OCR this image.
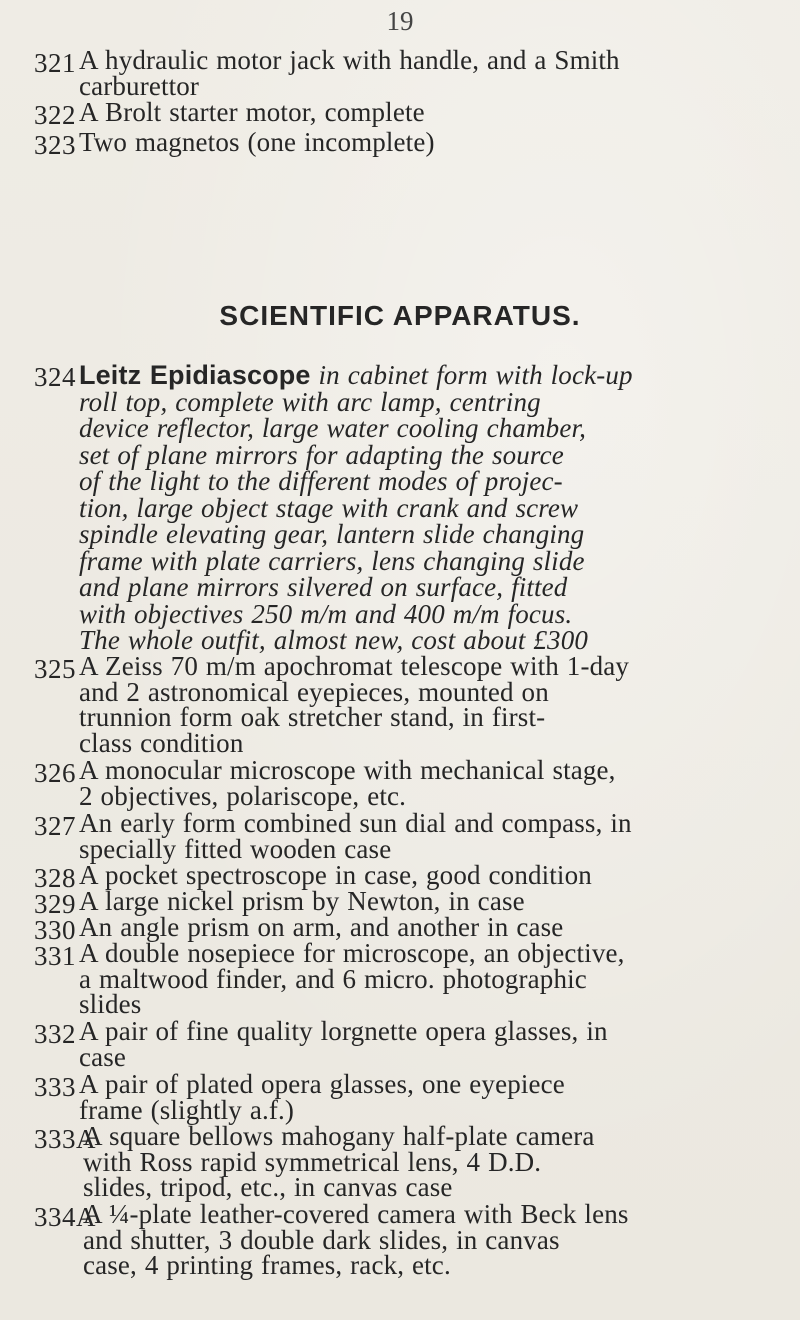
19
321 A hydraulic motor jack with handle, and a Smith
carburettor
322 A Brolt starter motor, complete
323 Two magnetos (one incomplete)
SCIENTIFIC APPARATUS.
324 Leitz Epidiascope in cabinet form with lock-up
roll top, complete with arc lamp, centring
device reflector, large water cooling chamber,
set of plane mirrors for adapting the source
of the light to the different modes of projec-
tion, large object stage with crank and screw
spindle elevating gear, lantern slide changing
frame with plate carriers, lens changing slide
and plane mirrors silvered on surface, fitted
with objectives 250 m/m and 400 m/m focus.
The whole outfit, almost new, cost about £300
325 A Zeiss 70 m/m apochromat telescope with 1-day
and 2 astronomical eyepieces, mounted on
trunnion form oak stretcher stand, in first-
class condition
326 A monocular microscope with mechanical stage,
2 objectives, polariscope, etc.
327 An early form combined sun dial and compass, in
specially fitted wooden case
328 A pocket spectroscope in case, good condition
329 A large nickel prism by Newton, in case
330 An angle prism on arm, and another in case
331 A double nosepiece for microscope, an objective,
a maltwood finder, and 6 micro. photographic
slides
332 A pair of fine quality lorgnette opera glasses, in
case
333 A pair of plated opera glasses, one eyepiece
frame (slightly a.f.)
333A
A square bellows mahogany half-plate camera
with Ross rapid symmetrical lens, 4 D.D.
slides, tripod, etc., in canvas case
334A
A ¼-plate leather-covered camera with Beck lens
and shutter, 3 double dark slides, in canvas
case, 4 printing frames, rack, etc.
